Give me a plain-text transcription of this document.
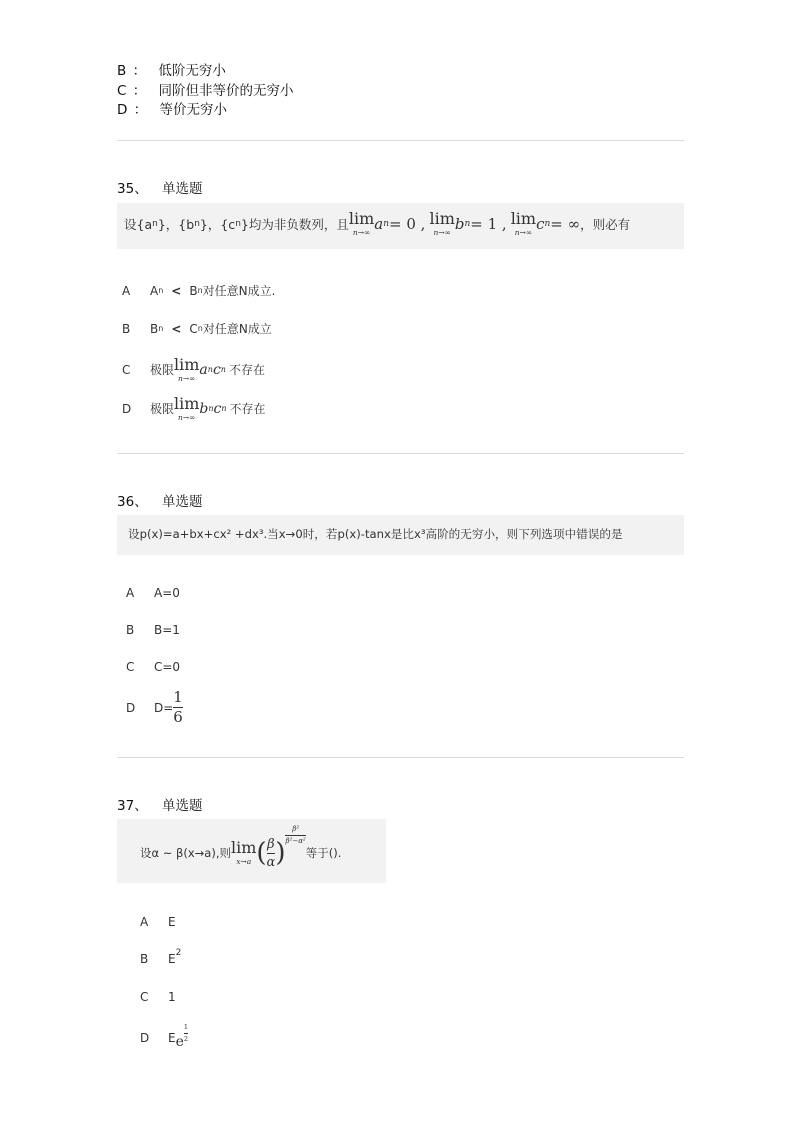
B ： 低阶无穷小
C ： 同阶但非等价的无穷小
D ： 等价无穷小
35、 单选题
设{a n }，{b n }，{c n }均为非负数列，且 lim
n→∞ a n = 0 , lim
n→∞ b n = 1 , lim
n→∞ c n = ∞ ，则必有
A	A n < B n 对任意N成立.
B	B n < C n 对任意N成立
C	极限 lim
n→∞
a n c n 不存在
D	极限 lim
n→∞
b n c n 不存在
36、 单选题
设p(x)=a+bx+cx² +dx³.当x→0时，若p(x)-tanx是比x³高阶的无穷小，则下列选项中错误的是
A	A=0
B	B=1
C	C=0
D	$D= \frac{1}{6}$
37、 单选题
设α ~ β(x→a),则 lim
x→a ( $\frac{\beta}{\alpha}$ )
$\frac{\text{β²}}{\text{β²−α²}}$
等于().
A	E
B	$E^2$
C	1
D	E e $\frac{1}{2}$
